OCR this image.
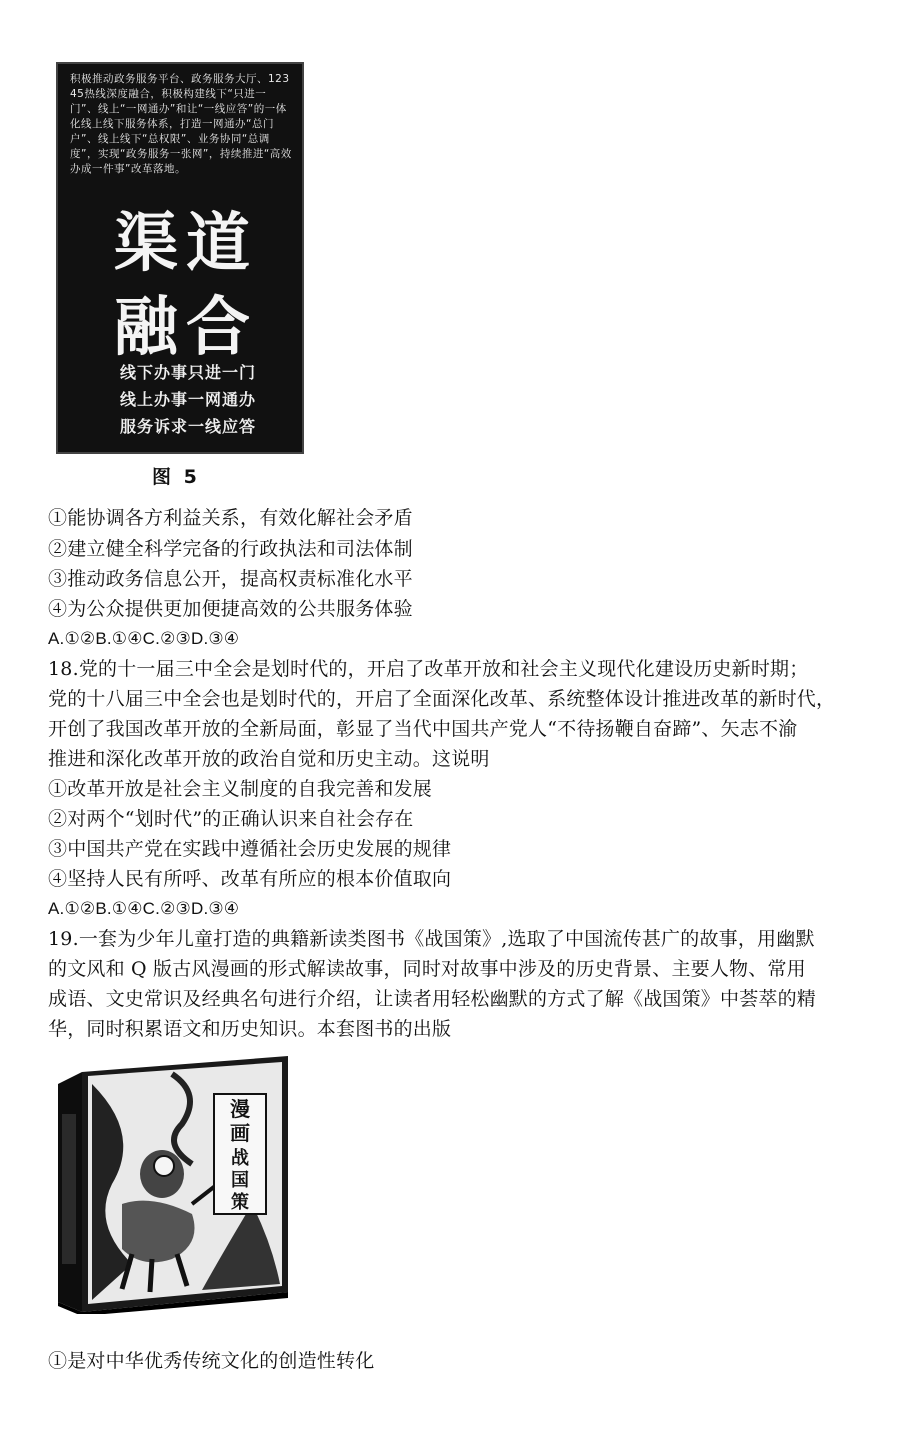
积极推动政务服务平台、政务服务大厅、12345热线深度融合，积极构建线下“只进一门”、线上“一网通办”和让“一线应答”的一体化线上线下服务体系，打造一网通办“总门户”、线上线下“总权限”、业务协同“总调度”，实现“政务服务一张网”，持续推进“高效办成一件事”改革落地。
渠道
融合
线下办事只进一门
线上办事一网通办
服务诉求一线应答
图 5
①能协调各方利益关系，有效化解社会矛盾
②建立健全科学完备的行政执法和司法体制
③推动政务信息公开，提高权责标准化水平
④为公众提供更加便捷高效的公共服务体验
A.①②B.①④C.②③D.③④
18.党的十一届三中全会是划时代的，开启了改革开放和社会主义现代化建设历史新时期；
党的十八届三中全会也是划时代的，开启了全面深化改革、系统整体设计推进改革的新时代，
开创了我国改革开放的全新局面，彰显了当代中国共产党人“不待扬鞭自奋蹄”、矢志不渝
推进和深化改革开放的政治自觉和历史主动。这说明
①改革开放是社会主义制度的自我完善和发展
②对两个“划时代”的正确认识来自社会存在
③中国共产党在实践中遵循社会历史发展的规律
④坚持人民有所呼、改革有所应的根本价值取向
A.①②B.①④C.②③D.③④
19.一套为少年儿童打造的典籍新读类图书《战国策》,选取了中国流传甚广的故事，用幽默
的文风和 Q 版古风漫画的形式解读故事，同时对故事中涉及的历史背景、主要人物、常用
成语、文史常识及经典名句进行介绍，让读者用轻松幽默的方式了解《战国策》中荟萃的精
华，同时积累语文和历史知识。本套图书的出版
漫
画
战
国
策
①是对中华优秀传统文化的创造性转化
